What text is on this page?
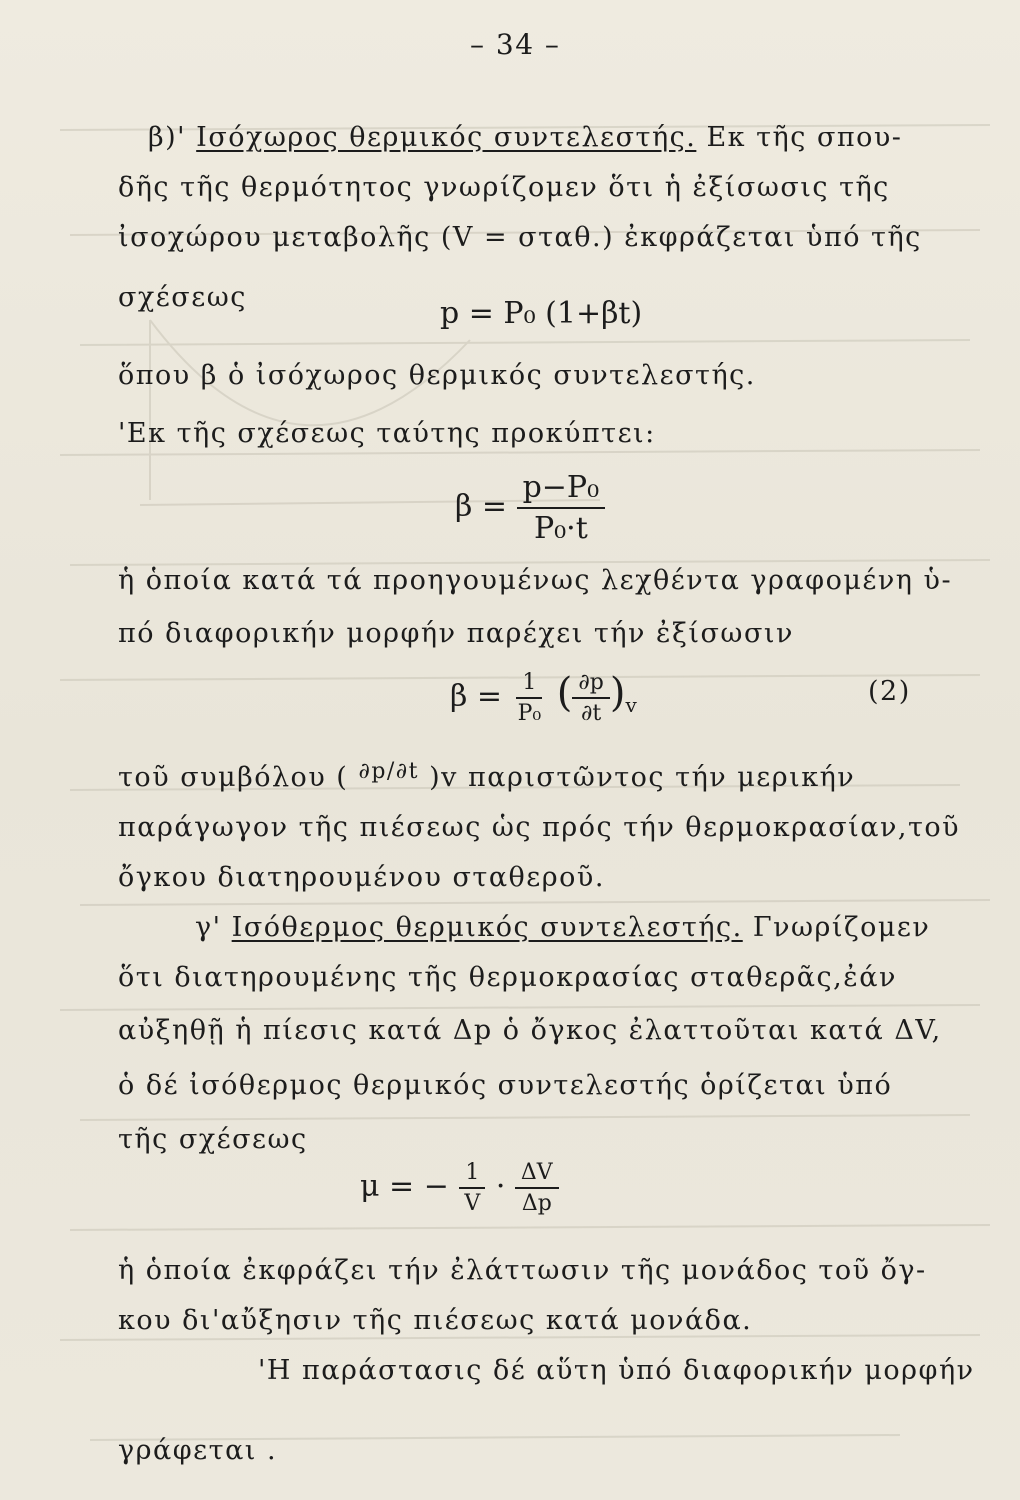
– 34 –
β)' Ισόχωρος θερμικός συντελεστής. Εκ τῆς σπου-
δῆς τῆς θερμότητος γνωρίζομεν ὅτι ἡ ἐξίσωσις τῆς
ἰσοχώρου μεταβολῆς (V = σταθ.) ἐκφράζεται ὑπό τῆς
σχέσεως	p = P₀ (1+βt)
ὅπου β ὁ ἰσόχωρος θερμικός συντελεστής.
'Εκ τῆς σχέσεως ταύτης προκύπτει:
$\beta = \frac{\text{p−P₀}}{\text{P₀·t}}$
ἡ ὁποία κατά τά προηγουμένως λεχθέντα γραφομένη ὑ-
πό διαφορικήν μορφήν παρέχει τήν ἐξίσωσιν
$\beta = \frac{1}{\text{P₀}}$ ( $\frac{\partial p}{\partial t} )_v$	(2)
τοῦ συμβόλου ( $^{\partial p/\partial t}$ )v παριστῶντος τήν μερικήν
παράγωγον τῆς πιέσεως ὡς πρός τήν θερμοκρασίαν,τοῦ
ὄγκου διατηρουμένου σταθεροῦ.
γ' Ισόθερμος θερμικός συντελεστής. Γνωρίζομεν
ὅτι διατηρουμένης τῆς θερμοκρασίας σταθερᾶς,ἐάν
αὐξηθῇ ἡ πίεσις κατά Δp ὁ ὄγκος ἐλαττοῦται κατά ΔV,
ὁ δέ ἰσόθερμος θερμικός συντελεστής ὁρίζεται ὑπό
τῆς σχέσεως
μ = − $\frac{1}{V} \cdot \frac{\Delta V}{\Delta p}$
ἡ ὁποία ἐκφράζει τήν ἐλάττωσιν τῆς μονάδος τοῦ ὄγ-
κου δι'αὔξησιν τῆς πιέσεως κατά μονάδα.
'Η παράστασις δέ αὕτη ὑπό διαφορικήν μορφήν
γράφεται .
